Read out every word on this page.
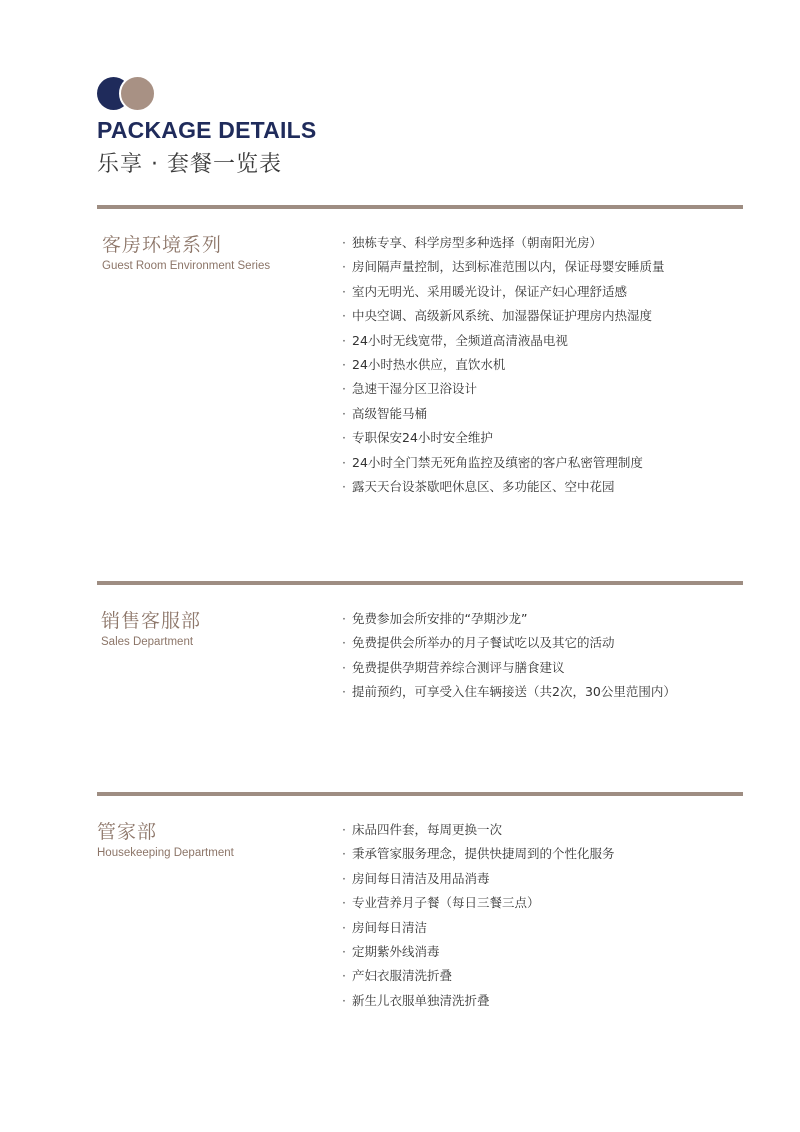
PACKAGE DETAILS
乐享 · 套餐一览表
客房环境系列
Guest Room Environment Series
· 独栋专享、科学房型多种选择（朝南阳光房）
· 房间隔声量控制，达到标准范围以内，保证母婴安睡质量
· 室内无明光、采用暖光设计，保证产妇心理舒适感
· 中央空调、高级新风系统、加湿器保证护理房内热湿度
· 24小时无线宽带，全频道高清液晶电视
· 24小时热水供应，直饮水机
· 急速干湿分区卫浴设计
· 高级智能马桶
· 专职保安24小时安全维护
· 24小时全门禁无死角监控及缜密的客户私密管理制度
· 露天天台设茶歇吧休息区、多功能区、空中花园
销售客服部
Sales Department
· 免费参加会所安排的“孕期沙龙”
· 免费提供会所举办的月子餐试吃以及其它的活动
· 免费提供孕期营养综合测评与膳食建议
· 提前预约，可享受入住车辆接送（共2次，30公里范围内）
管家部
Housekeeping Department
· 床品四件套，每周更换一次
· 秉承管家服务理念，提供快捷周到的个性化服务
· 房间每日清洁及用品消毒
· 专业营养月子餐（每日三餐三点）
· 房间每日清洁
· 定期紫外线消毒
· 产妇衣服清洗折叠
· 新生儿衣服单独清洗折叠
